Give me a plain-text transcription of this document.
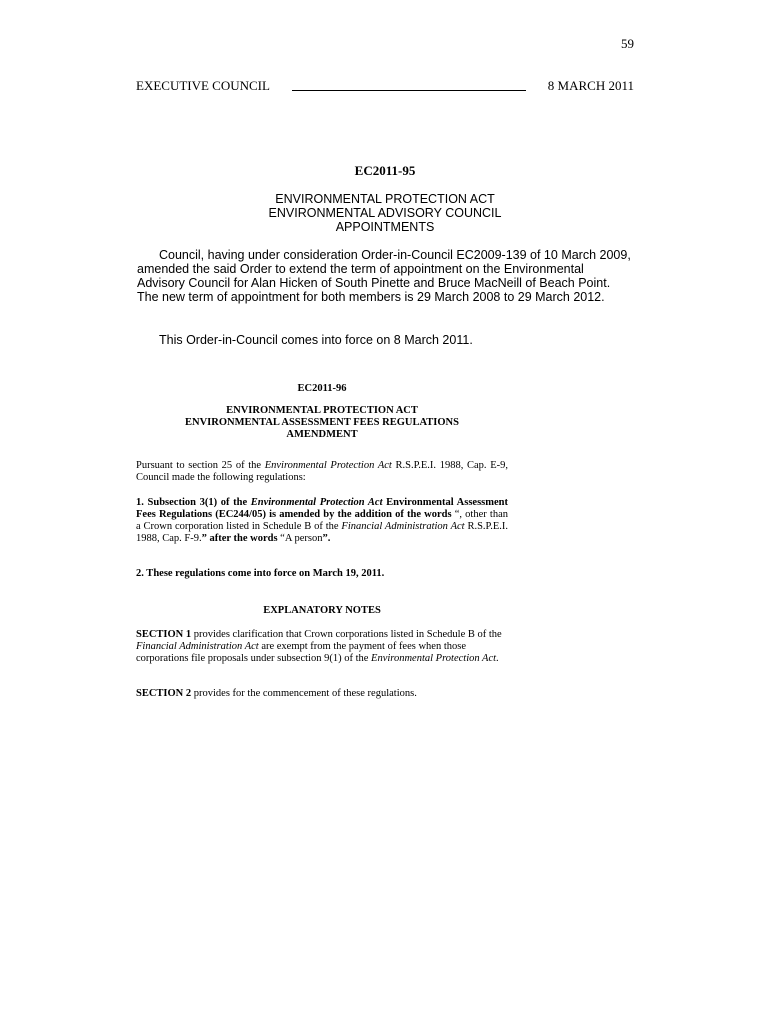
59
EXECUTIVE COUNCIL	8 MARCH 2011
EC2011-95
ENVIRONMENTAL PROTECTION ACT
ENVIRONMENTAL ADVISORY COUNCIL
APPOINTMENTS
Council, having under consideration Order-in-Council EC2009-139 of 10 March 2009, amended the said Order to extend the term of appointment on the Environmental Advisory Council for Alan Hicken of South Pinette and Bruce MacNeill of Beach Point. The new term of appointment for both members is 29 March 2008 to 29 March 2012.
This Order-in-Council comes into force on 8 March 2011.
EC2011-96
ENVIRONMENTAL PROTECTION ACT
ENVIRONMENTAL ASSESSMENT FEES REGULATIONS
AMENDMENT
Pursuant to section 25 of the Environmental Protection Act R.S.P.E.I. 1988, Cap. E-9, Council made the following regulations:
1. Subsection 3(1) of the Environmental Protection Act Environmental Assessment Fees Regulations (EC244/05) is amended by the addition of the words “, other than a Crown corporation listed in Schedule B of the Financial Administration Act R.S.P.E.I. 1988, Cap. F-9.” after the words “A person”.
2. These regulations come into force on March 19, 2011.
EXPLANATORY NOTES
SECTION 1 provides clarification that Crown corporations listed in Schedule B of the Financial Administration Act are exempt from the payment of fees when those corporations file proposals under subsection 9(1) of the Environmental Protection Act.
SECTION 2 provides for the commencement of these regulations.
